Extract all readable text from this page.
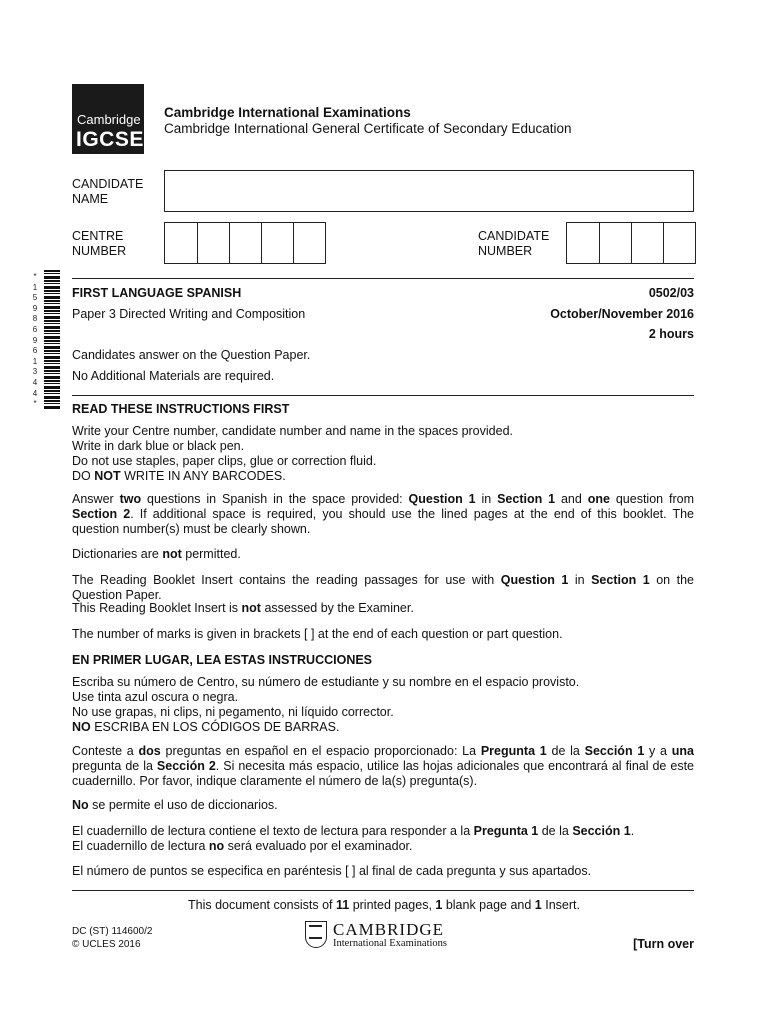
Cambridge
IGCSE
Cambridge International Examinations
Cambridge International General Certificate of Secondary Education
CANDIDATE
NAME
CENTRE
NUMBER
CANDIDATE
NUMBER
*
1
5
9
8
6
9
6
1
3
4
4
*
FIRST LANGUAGE SPANISH	0502/03
Paper 3 Directed Writing and Composition	October/November 2016
2 hours
Candidates answer on the Question Paper.
No Additional Materials are required.
READ THESE INSTRUCTIONS FIRST
Write your Centre number, candidate number and name in the spaces provided.
Write in dark blue or black pen.
Do not use staples, paper clips, glue or correction fluid.
DO NOT WRITE IN ANY BARCODES.
Answer two questions in Spanish in the space provided: Question 1 in Section 1 and one question from Section 2. If additional space is required, you should use the lined pages at the end of this booklet. The question number(s) must be clearly shown.
Dictionaries are not permitted.
The Reading Booklet Insert contains the reading passages for use with Question 1 in Section 1 on the Question Paper.
This Reading Booklet Insert is not assessed by the Examiner.
The number of marks is given in brackets [ ] at the end of each question or part question.
EN PRIMER LUGAR, LEA ESTAS INSTRUCCIONES
Escriba su número de Centro, su número de estudiante y su nombre en el espacio provisto.
Use tinta azul oscura o negra.
No use grapas, ni clips, ni pegamento, ni líquido corrector.
NO ESCRIBA EN LOS CÓDIGOS DE BARRAS.
Conteste a dos preguntas en español en el espacio proporcionado: La Pregunta 1 de la Sección 1 y a una pregunta de la Sección 2. Si necesita más espacio, utilice las hojas adicionales que encontrará al final de este cuadernillo. Por favor, indique claramente el número de la(s) pregunta(s).
No se permite el uso de diccionarios.
El cuadernillo de lectura contiene el texto de lectura para responder a la Pregunta 1 de la Sección 1.
El cuadernillo de lectura no será evaluado por el examinador.
El número de puntos se especifica en paréntesis [ ] al final de cada pregunta y sus apartados.
This document consists of 11 printed pages, 1 blank page and 1 Insert.
DC (ST) 114600/2
© UCLES 2016
CAMBRIDGE
International Examinations	[Turn over
